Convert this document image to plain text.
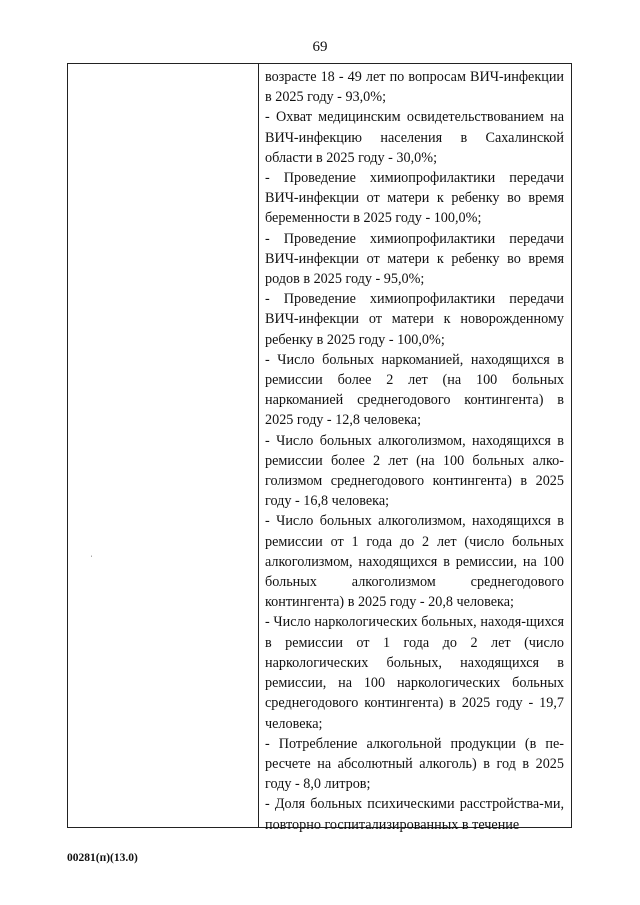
69
ˌ

возрасте 18 - 49 лет по вопросам ВИЧ-инфекции в 2025 году - 93,0%;

- Охват медицинским освидетельствованием на ВИЧ-инфекцию населения в Сахалинской области в 2025 году - 30,0%;

- Проведение химиопрофилактики передачи ВИЧ-инфекции от матери к ребенку во время беременности в 2025 году - 100,0%;

- Проведение химиопрофилактики передачи ВИЧ-инфекции от матери к ребенку во время родов в 2025 году - 95,0%;

- Проведение химиопрофилактики передачи ВИЧ-инфекции от матери к новорожденному ребенку в 2025 году - 100,0%;

- Число больных наркоманией, находящихся в ремиссии более 2 лет (на 100 больных наркоманией среднегодового контингента) в 2025 году - 12,8 человека;

- Число больных алкоголизмом, находящихся в ремиссии более 2 лет (на 100 больных алко-голизмом среднегодового контингента) в 2025 году - 16,8 человека;

- Число больных алкоголизмом, находящихся в ремиссии от 1 года до 2 лет (число больных алкоголизмом, находящихся в ремиссии, на 100 больных алкоголизмом среднегодового контингента) в 2025 году - 20,8 человека;

- Число наркологических больных, находя-щихся в ремиссии от 1 года до 2 лет (число наркологических больных, находящихся в ремиссии, на 100 наркологических больных среднегодового контингента) в 2025 году - 19,7 человека;

- Потребление алкогольной продукции (в пе-ресчете на абсолютный алкоголь) в год в 2025 году - 8,0 литров;

- Доля больных психическими расстройства-ми, повторно госпитализированных в течение

00281(п)(13.0)
